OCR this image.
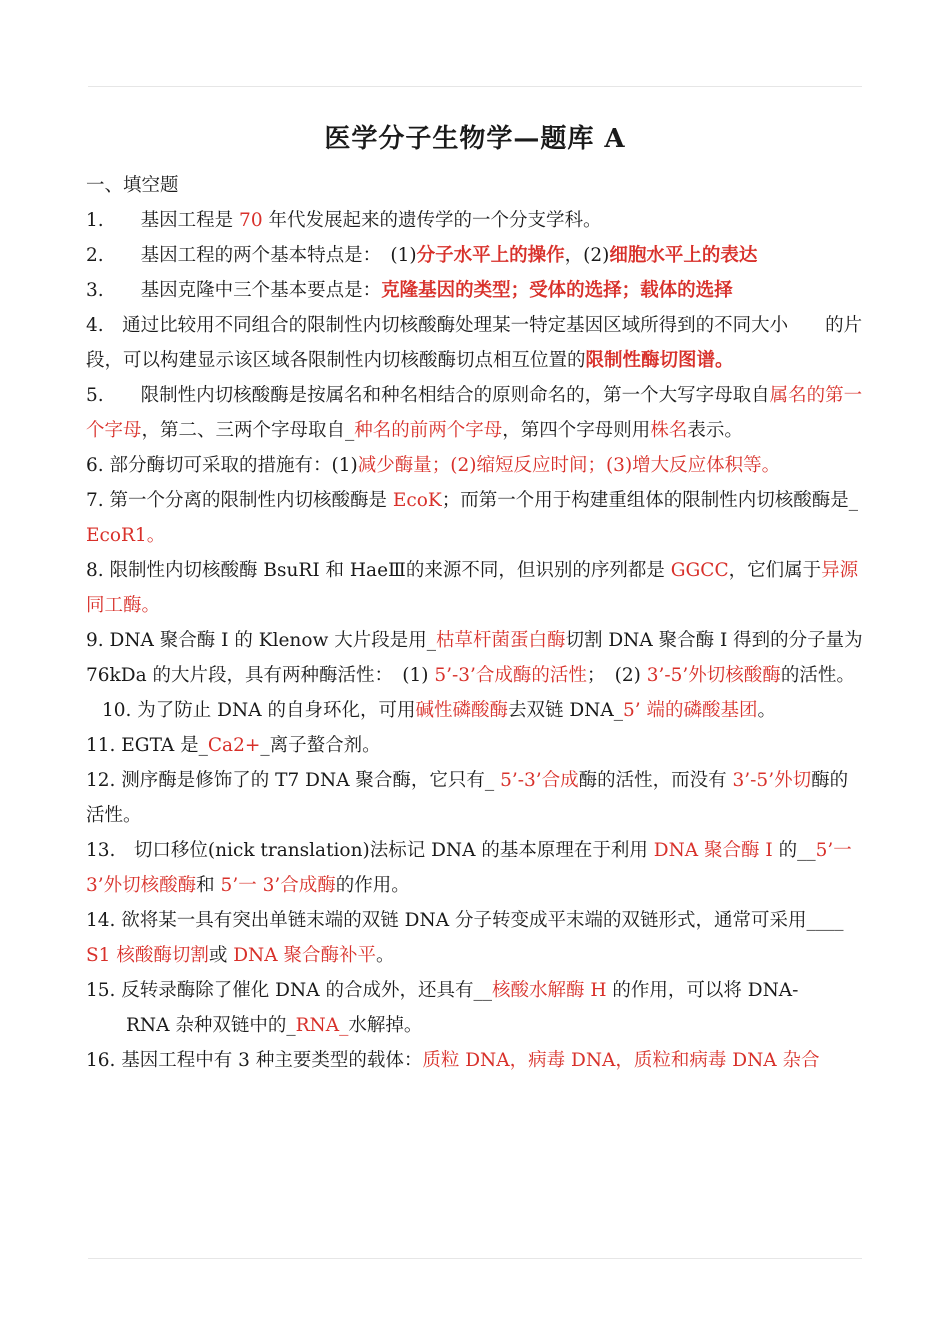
医学分子生物学—题库 A

一、填空题

1.　　基因工程是 70 年代发展起来的遗传学的一个分支学科。

2.　　基因工程的两个基本特点是：　(1)分子水平上的操作，(2)细胞水平上的表达

3.　　基因克隆中三个基本要点是：克隆基因的类型；受体的选择；载体的选择

4.　通过比较用不同组合的限制性内切核酸酶处理某一特定基因区域所得到的不同大小　　的片段，可以构建显示该区域各限制性内切核酸酶切点相互位置的限制性酶切图谱。

5.　　限制性内切核酸酶是按属名和种名相结合的原则命名的，第一个大写字母取自属名的第一个字母，第二、三两个字母取自_种名的前两个字母，第四个字母则用株名表示。

6. 部分酶切可采取的措施有：(1)减少酶量；(2)缩短反应时间；(3)增大反应体积等。

7. 第一个分离的限制性内切核酸酶是 EcoK；而第一个用于构建重组体的限制性内切核酸酶是_ EcoR1。

8. 限制性内切核酸酶 BsuRI 和 HaeⅢ的来源不同，但识别的序列都是 GGCC，它们属于异源同工酶。

9. DNA 聚合酶 I 的 Klenow 大片段是用_枯草杆菌蛋白酶切割 DNA 聚合酶 I 得到的分子量为 76kDa 的大片段，具有两种酶活性：　(1) 5’-3’合成酶的活性；　(2) 3’-5’外切核酸酶的活性。

10. 为了防止 DNA 的自身环化，可用碱性磷酸酶去双链 DNA_5’ 端的磷酸基团。

11. EGTA 是_Ca2+_离子螯合剂。

12. 测序酶是修饰了的 T7 DNA 聚合酶，它只有_ 5’-3’合成酶的活性，而没有 3’-5’外切酶的活性。

13.　切口移位(nick translation)法标记 DNA 的基本原理在于利用 DNA 聚合酶 I 的__5’一 3’外切核酸酶和 5’一 3’合成酶的作用。

14. 欲将某一具有突出单链末端的双链 DNA 分子转变成平末端的双链形式，通常可采用____ S1 核酸酶切割或 DNA 聚合酶补平。

15. 反转录酶除了催化 DNA 的合成外，还具有__核酸水解酶 H 的作用，可以将 DNA-

RNA 杂种双链中的_RNA_水解掉。

16. 基因工程中有 3 种主要类型的载体：质粒 DNA，病毒 DNA，质粒和病毒 DNA 杂合
